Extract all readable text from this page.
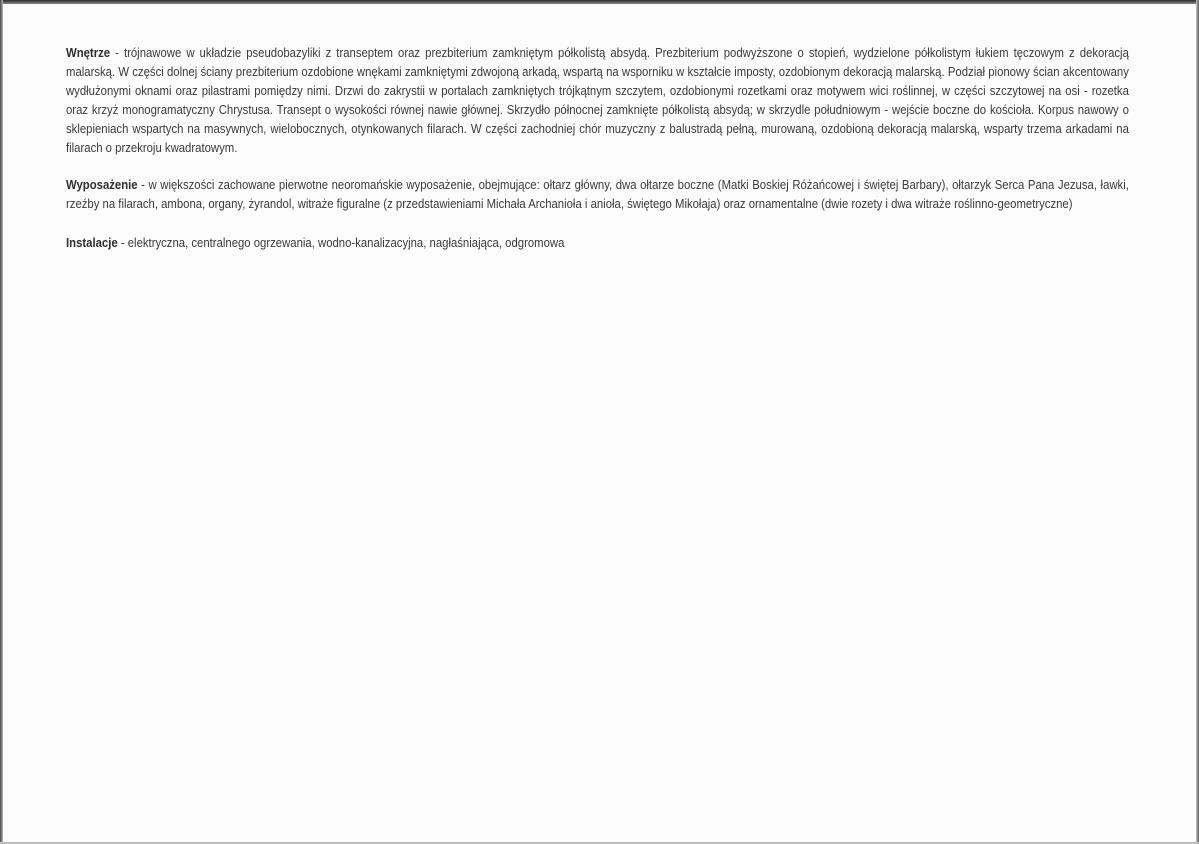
Wnętrze - trójnawowe w układzie pseudobazyliki z transeptem oraz prezbiterium zamkniętym półkolistą absydą. Prezbiterium podwyższone o stopień, wydzielone półkolistym łukiem tęczowym z dekoracją malarską. W części dolnej ściany prezbiterium ozdobione wnękami zamkniętymi zdwojoną arkadą, wspartą na wsporniku w kształcie imposty, ozdobionym dekoracją malarską. Podział pionowy ścian akcentowany wydłużonymi oknami oraz pilastrami pomiędzy nimi. Drzwi do zakrystii w portalach zamkniętych trójkątnym szczytem, ozdobionymi rozetkami oraz motywem wici roślinnej, w części szczytowej na osi - rozetka oraz krzyż monogramatyczny Chrystusa. Transept o wysokości równej nawie głównej. Skrzydło północnej zamknięte półkolistą absydą; w skrzydle południowym - wejście boczne do kościoła. Korpus nawowy o sklepieniach wspartych na masywnych, wielobocznych, otynkowanych filarach. W części zachodniej chór muzyczny z balustradą pełną, murowaną, ozdobioną dekoracją malarską, wsparty trzema arkadami na filarach o przekroju kwadratowym.

Wyposażenie - w większości zachowane pierwotne neoromańskie wyposażenie, obejmujące: ołtarz główny, dwa ołtarze boczne (Matki Boskiej Różańcowej i świętej Barbary), ołtarzyk Serca Pana Jezusa, ławki, rzeźby na filarach, ambona, organy, żyrandol, witraże figuralne (z przedstawieniami Michała Archanioła i anioła, świętego Mikołaja) oraz ornamentalne (dwie rozety i dwa witraże roślinno-geometryczne)

Instalacje - elektryczna, centralnego ogrzewania, wodno-kanalizacyjna, nagłaśniająca, odgromowa
